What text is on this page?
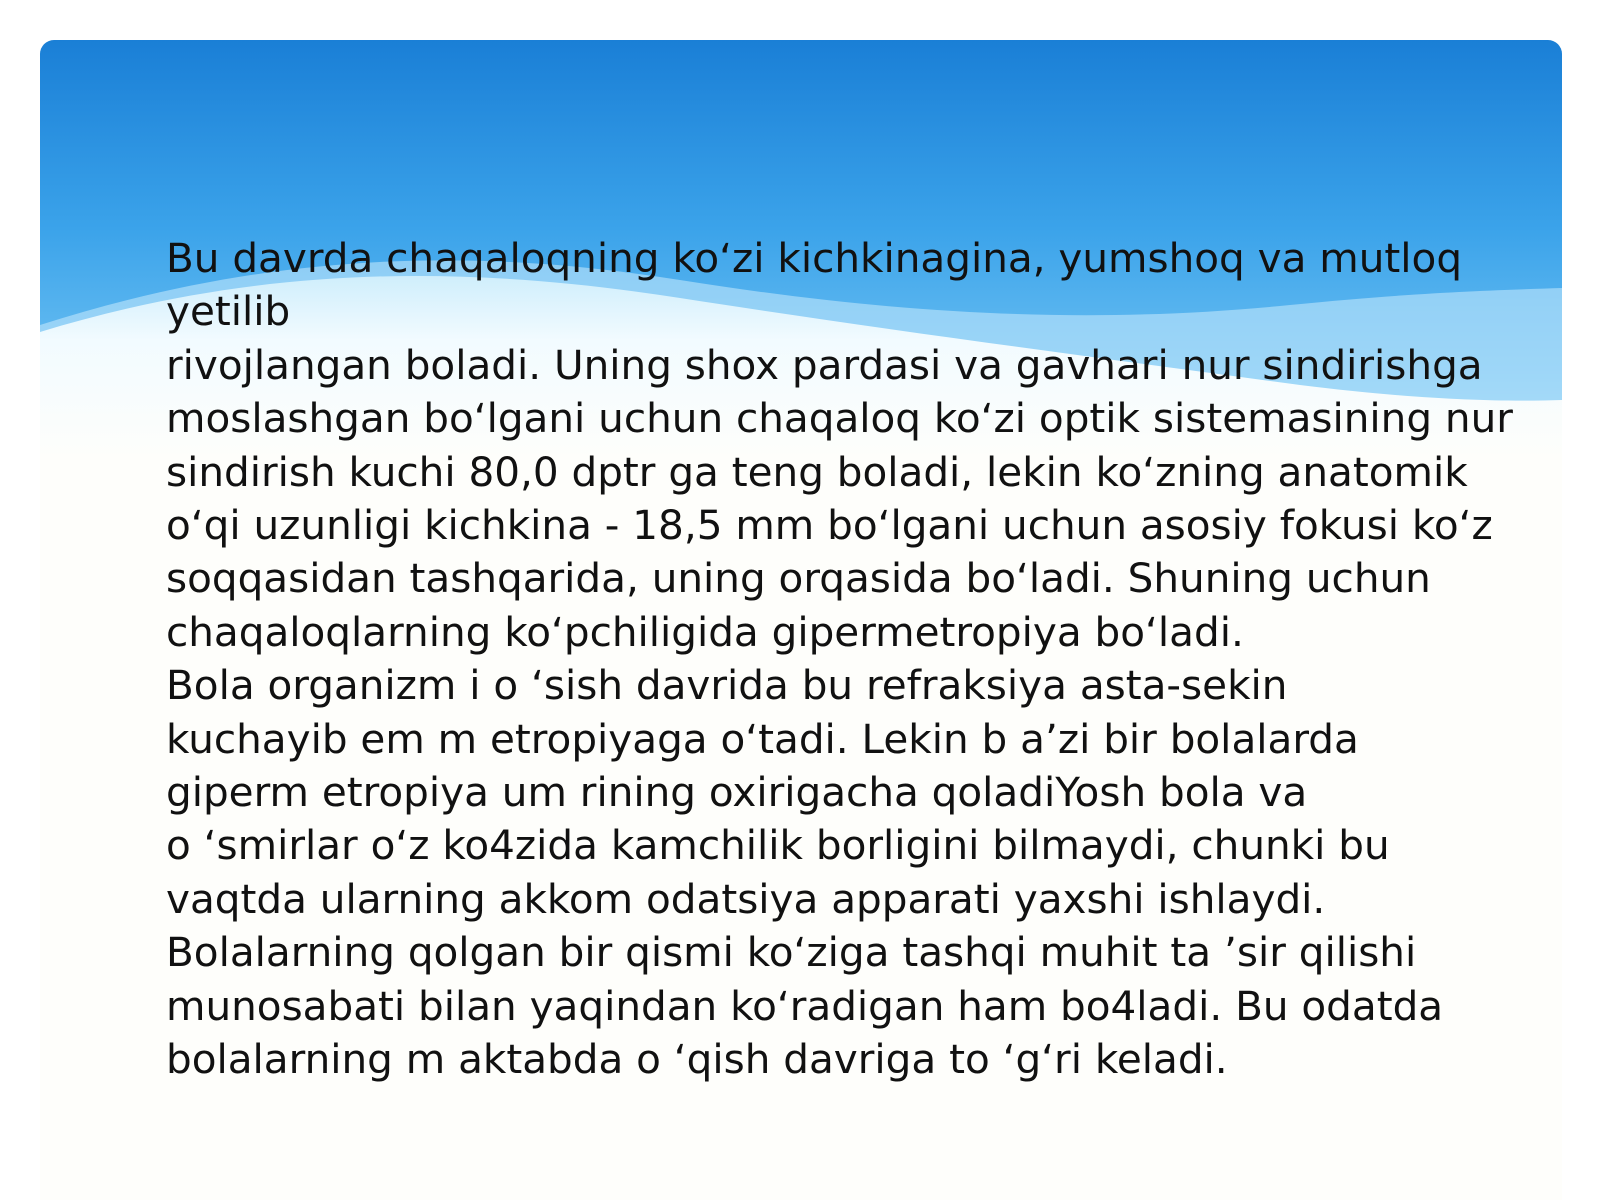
Bu davrda chaqaloqning ko‘zi kichkinagina, yumshoq va mutloq

yetilib

rivojlangan boladi. Uning shox pardasi va gavhari nur sindirishga

moslashgan bo‘lgani uchun chaqaloq ko‘zi optik sistemasining nur

sindirish kuchi 80,0 dptr ga teng boladi, lekin ko‘zning anatomik

o‘qi uzunligi kichkina - 18,5 mm bo‘lgani uchun asosiy fokusi ko‘z

soqqasidan tashqarida, uning orqasida bo‘ladi. Shuning uchun

chaqaloqlarning ko‘pchiligida gipermetropiya bo‘ladi.

Bola organizm i o ‘sish davrida bu refraksiya asta-sekin

kuchayib em m etropiyaga o‘tadi. Lekin b a’zi bir bolalarda

giperm etropiya um rining oxirigacha qoladiYosh bola va

o ‘smirlar o‘z ko4zida kamchilik borligini bilmaydi, chunki bu

vaqtda ularning akkom odatsiya apparati yaxshi ishlaydi.

Bolalarning qolgan bir qismi ko‘ziga tashqi muhit ta ’sir qilishi

munosabati bilan yaqindan ko‘radigan ham bo4ladi. Bu odatda

bolalarning m aktabda o ‘qish davriga to ‘g‘ri keladi.
